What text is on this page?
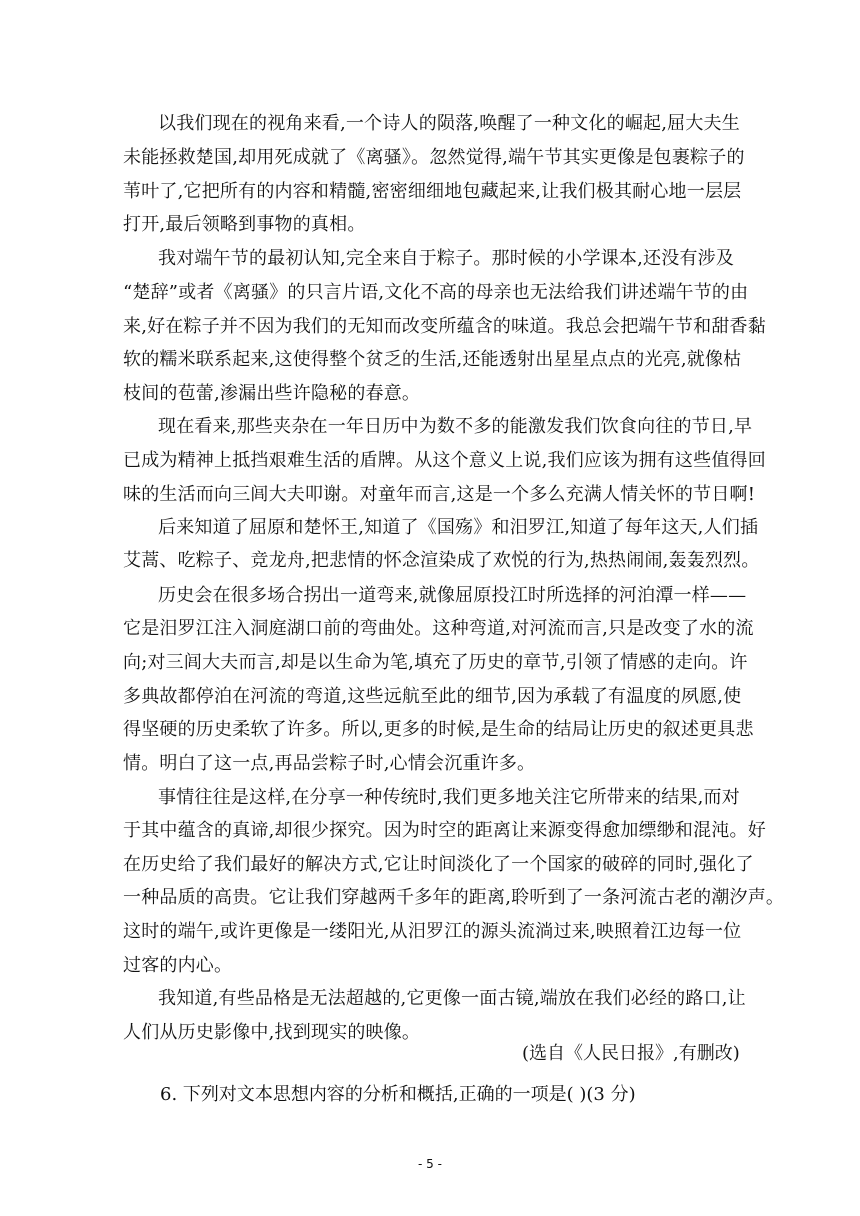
以我们现在的视角来看,一个诗人的陨落,唤醒了一种文化的崛起,屈大夫生
未能拯救楚国,却用死成就了《离骚》。忽然觉得,端午节其实更像是包裹粽子的
苇叶了,它把所有的内容和精髓,密密细细地包藏起来,让我们极其耐心地一层层
打开,最后领略到事物的真相。
我对端午节的最初认知,完全来自于粽子。那时候的小学课本,还没有涉及
“楚辞”或者《离骚》的只言片语,文化不高的母亲也无法给我们讲述端午节的由
来,好在粽子并不因为我们的无知而改变所蕴含的味道。我总会把端午节和甜香黏
软的糯米联系起来,这使得整个贫乏的生活,还能透射出星星点点的光亮,就像枯
枝间的苞蕾,渗漏出些许隐秘的春意。
现在看来,那些夹杂在一年日历中为数不多的能激发我们饮食向往的节日,早
已成为精神上抵挡艰难生活的盾牌。从这个意义上说,我们应该为拥有这些值得回
味的生活而向三闾大夫叩谢。对童年而言,这是一个多么充满人情关怀的节日啊!
后来知道了屈原和楚怀王,知道了《国殇》和汨罗江,知道了每年这天,人们插
艾蒿、吃粽子、竞龙舟,把悲情的怀念渲染成了欢悦的行为,热热闹闹,轰轰烈烈。
历史会在很多场合拐出一道弯来,就像屈原投江时所选择的河泊潭一样——
它是汨罗江注入洞庭湖口前的弯曲处。这种弯道,对河流而言,只是改变了水的流
向;对三闾大夫而言,却是以生命为笔,填充了历史的章节,引领了情感的走向。许
多典故都停泊在河流的弯道,这些远航至此的细节,因为承载了有温度的夙愿,使
得坚硬的历史柔软了许多。所以,更多的时候,是生命的结局让历史的叙述更具悲
情。明白了这一点,再品尝粽子时,心情会沉重许多。
事情往往是这样,在分享一种传统时,我们更多地关注它所带来的结果,而对
于其中蕴含的真谛,却很少探究。因为时空的距离让来源变得愈加缥缈和混沌。好
在历史给了我们最好的解决方式,它让时间淡化了一个国家的破碎的同时,强化了
一种品质的高贵。它让我们穿越两千多年的距离,聆听到了一条河流古老的潮汐声。
这时的端午,或许更像是一缕阳光,从汨罗江的源头流淌过来,映照着江边每一位
过客的内心。
我知道,有些品格是无法超越的,它更像一面古镜,端放在我们必经的路口,让
人们从历史影像中,找到现实的映像。
(选自《人民日报》,有删改)
6. 下列对文本思想内容的分析和概括,正确的一项是( )(3 分)
- 5 -
